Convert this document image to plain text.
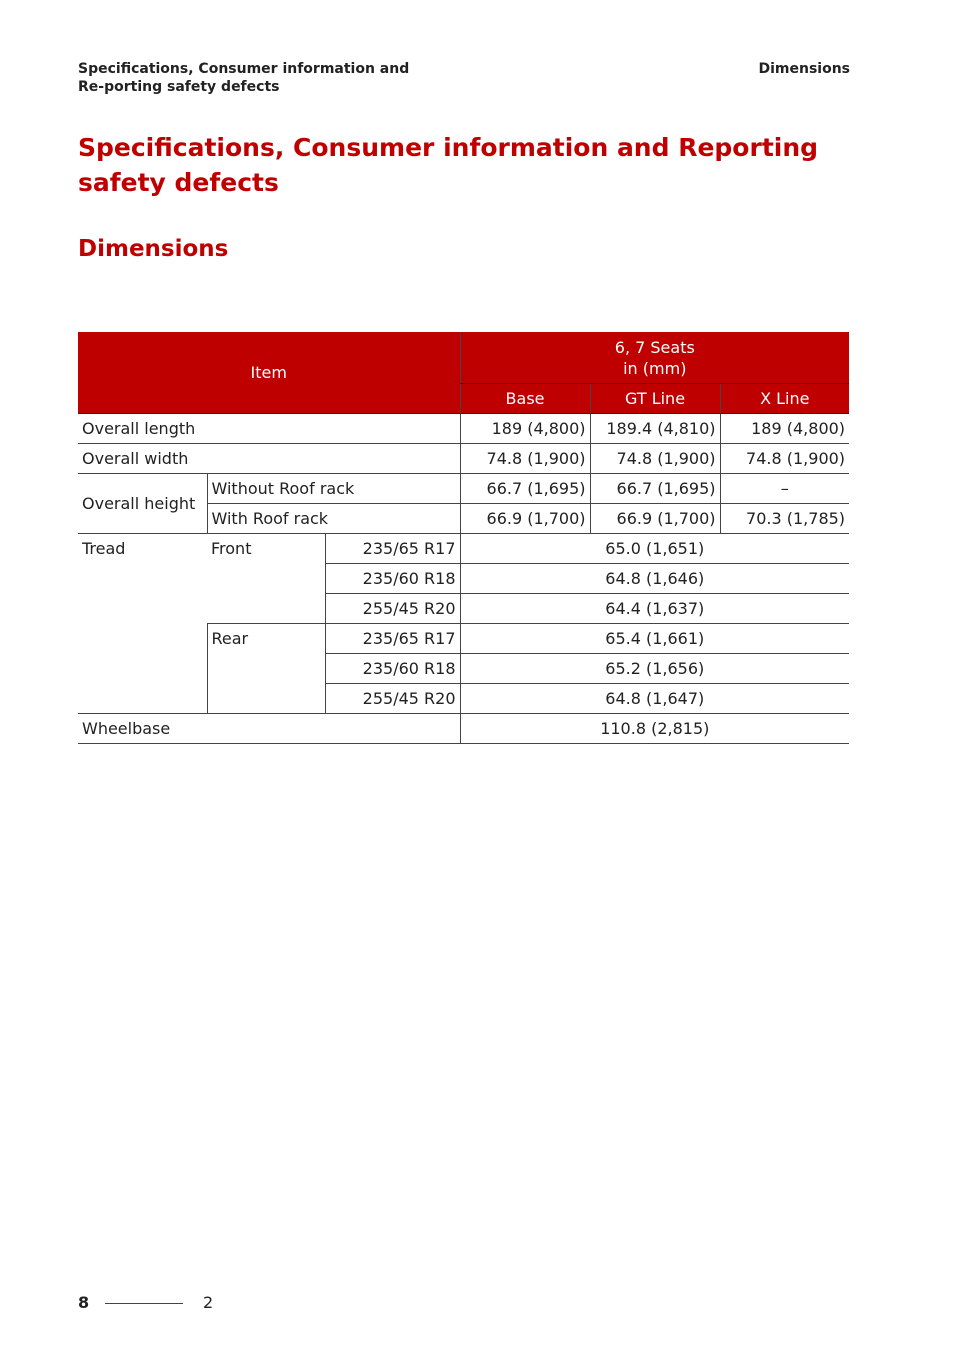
Specifications, Consumer information and Re-porting safety defects
Dimensions
Specifications, Consumer information and Reporting safety defects
Dimensions
Item			6, 7 Seats
in (mm)		

			Base	GT Line	X Line
Overall length			189 (4,800)	189.4 (4,810)	189 (4,800)
Overall width			74.8 (1,900)	74.8 (1,900)	74.8 (1,900)
Overall height	Without Roof rack		66.7 (1,695)	66.7 (1,695)	–
	With Roof rack		66.9 (1,700)	66.9 (1,700)	70.3 (1,785)
Tread	Front	235/65 R17	65.0 (1,651)		
		235/60 R18	64.8 (1,646)		
		255/45 R20	64.4 (1,637)		
	Rear	235/65 R17	65.4 (1,661)		
		235/60 R18	65.2 (1,656)		
		255/45 R20	64.8 (1,647)		
Wheelbase			110.8 (2,815)		
8	2
